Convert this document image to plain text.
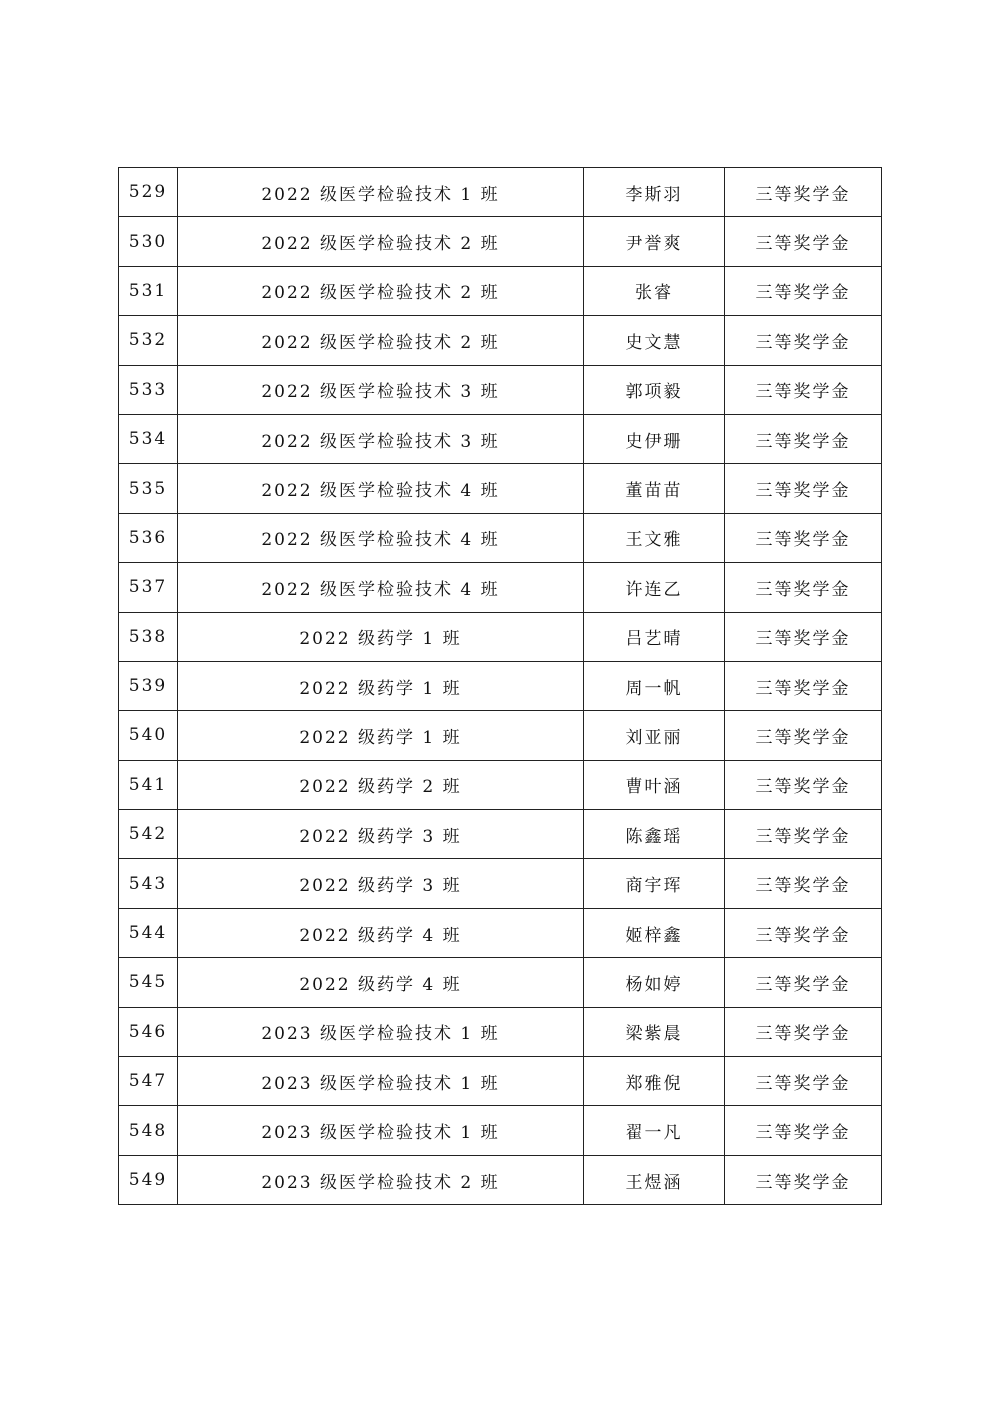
529	2022 级医学检验技术 1 班	李斯羽	三等奖学金
530	2022 级医学检验技术 2 班	尹誉爽	三等奖学金
531	2022 级医学检验技术 2 班	张睿	三等奖学金
532	2022 级医学检验技术 2 班	史文慧	三等奖学金
533	2022 级医学检验技术 3 班	郭项毅	三等奖学金
534	2022 级医学检验技术 3 班	史伊珊	三等奖学金
535	2022 级医学检验技术 4 班	董苗苗	三等奖学金
536	2022 级医学检验技术 4 班	王文雅	三等奖学金
537	2022 级医学检验技术 4 班	许连乙	三等奖学金
538	2022 级药学 1 班	吕艺晴	三等奖学金
539	2022 级药学 1 班	周一帆	三等奖学金
540	2022 级药学 1 班	刘亚丽	三等奖学金
541	2022 级药学 2 班	曹叶涵	三等奖学金
542	2022 级药学 3 班	陈鑫瑶	三等奖学金
543	2022 级药学 3 班	商宇珲	三等奖学金
544	2022 级药学 4 班	姬梓鑫	三等奖学金
545	2022 级药学 4 班	杨如婷	三等奖学金
546	2023 级医学检验技术 1 班	梁紫晨	三等奖学金
547	2023 级医学检验技术 1 班	郑雅倪	三等奖学金
548	2023 级医学检验技术 1 班	翟一凡	三等奖学金
549	2023 级医学检验技术 2 班	王煜涵	三等奖学金
